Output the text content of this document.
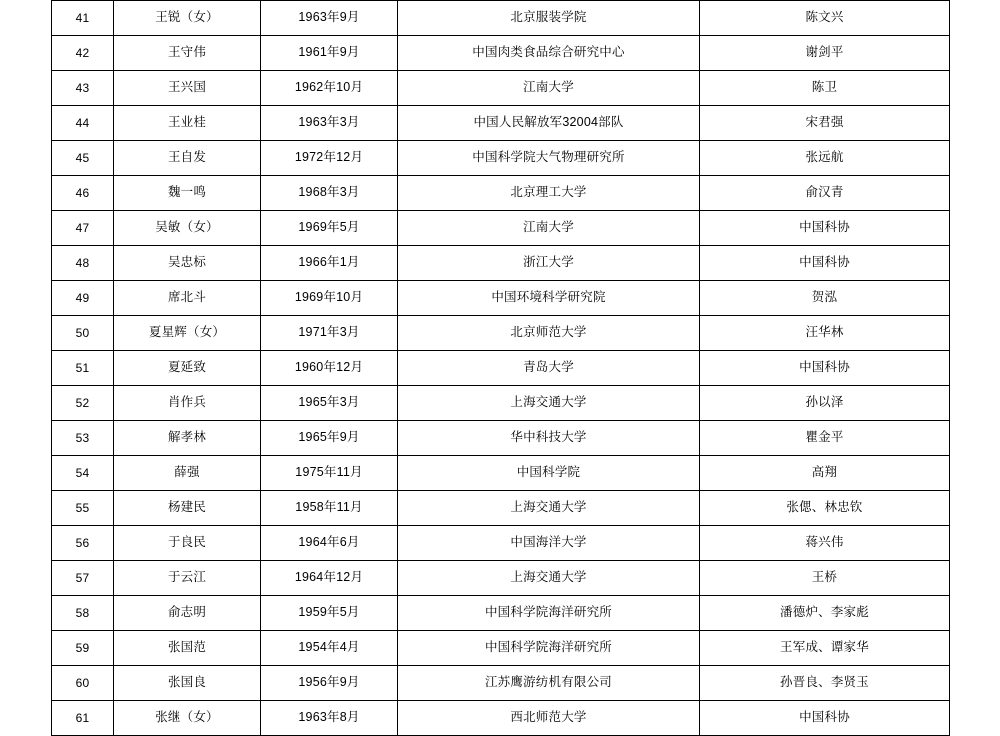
41	王锐（女）	1963年9月	北京服装学院	陈文兴
42	王守伟	1961年9月	中国肉类食品综合研究中心	谢剑平
43	王兴国	1962年10月	江南大学	陈卫
44	王业桂	1963年3月	中国人民解放军32004部队	宋君强
45	王自发	1972年12月	中国科学院大气物理研究所	张远航
46	魏一鸣	1968年3月	北京理工大学	俞汉青
47	吴敏（女）	1969年5月	江南大学	中国科协
48	吴忠标	1966年1月	浙江大学	中国科协
49	席北斗	1969年10月	中国环境科学研究院	贺泓
50	夏星辉（女）	1971年3月	北京师范大学	汪华林
51	夏延致	1960年12月	青岛大学	中国科协
52	肖作兵	1965年3月	上海交通大学	孙以泽
53	解孝林	1965年9月	华中科技大学	瞿金平
54	薛强	1975年11月	中国科学院	高翔
55	杨建民	1958年11月	上海交通大学	张偲、林忠钦
56	于良民	1964年6月	中国海洋大学	蒋兴伟
57	于云江	1964年12月	上海交通大学	王桥
58	俞志明	1959年5月	中国科学院海洋研究所	潘德炉、李家彪
59	张国范	1954年4月	中国科学院海洋研究所	王军成、谭家华
60	张国良	1956年9月	江苏鹰游纺机有限公司	孙晋良、李贤玉
61	张继（女）	1963年8月	西北师范大学	中国科协
